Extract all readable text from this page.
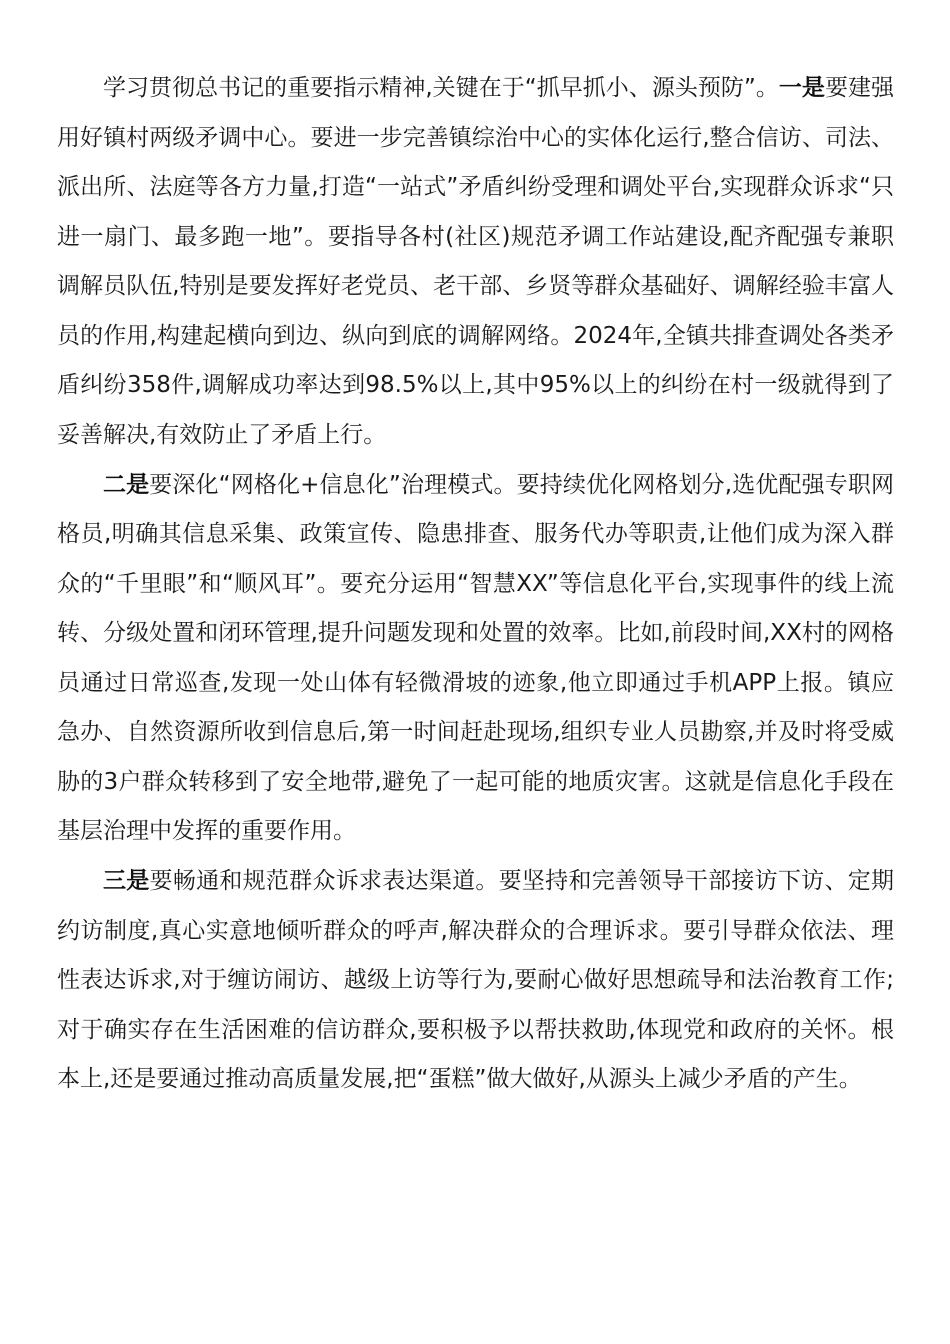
学习贯彻总书记的重要指示精神,关键在于“抓早抓小、源头预防”。一是要建强用好镇村两级矛调中心。要进一步完善镇综治中心的实体化运行,整合信访、司法、派出所、法庭等各方力量,打造“一站式”矛盾纠纷受理和调处平台,实现群众诉求“只进一扇门、最多跑一地”。要指导各村(社区)规范矛调工作站建设,配齐配强专兼职调解员队伍,特别是要发挥好老党员、老干部、乡贤等群众基础好、调解经验丰富人员的作用,构建起横向到边、纵向到底的调解网络。2024年,全镇共排查调处各类矛盾纠纷358件,调解成功率达到98.5%以上,其中95%以上的纠纷在村一级就得到了妥善解决,有效防止了矛盾上行。

二是要深化“网格化+信息化”治理模式。要持续优化网格划分,选优配强专职网格员,明确其信息采集、政策宣传、隐患排查、服务代办等职责,让他们成为深入群众的“千里眼”和“顺风耳”。要充分运用“智慧XX”等信息化平台,实现事件的线上流转、分级处置和闭环管理,提升问题发现和处置的效率。比如,前段时间,XX村的网格员通过日常巡查,发现一处山体有轻微滑坡的迹象,他立即通过手机APP上报。镇应急办、自然资源所收到信息后,第一时间赶赴现场,组织专业人员勘察,并及时将受威胁的3户群众转移到了安全地带,避免了一起可能的地质灾害。这就是信息化手段在基层治理中发挥的重要作用。

三是要畅通和规范群众诉求表达渠道。要坚持和完善领导干部接访下访、定期约访制度,真心实意地倾听群众的呼声,解决群众的合理诉求。要引导群众依法、理性表达诉求,对于缠访闹访、越级上访等行为,要耐心做好思想疏导和法治教育工作;对于确实存在生活困难的信访群众,要积极予以帮扶救助,体现党和政府的关怀。根本上,还是要通过推动高质量发展,把“蛋糕”做大做好,从源头上减少矛盾的产生。
